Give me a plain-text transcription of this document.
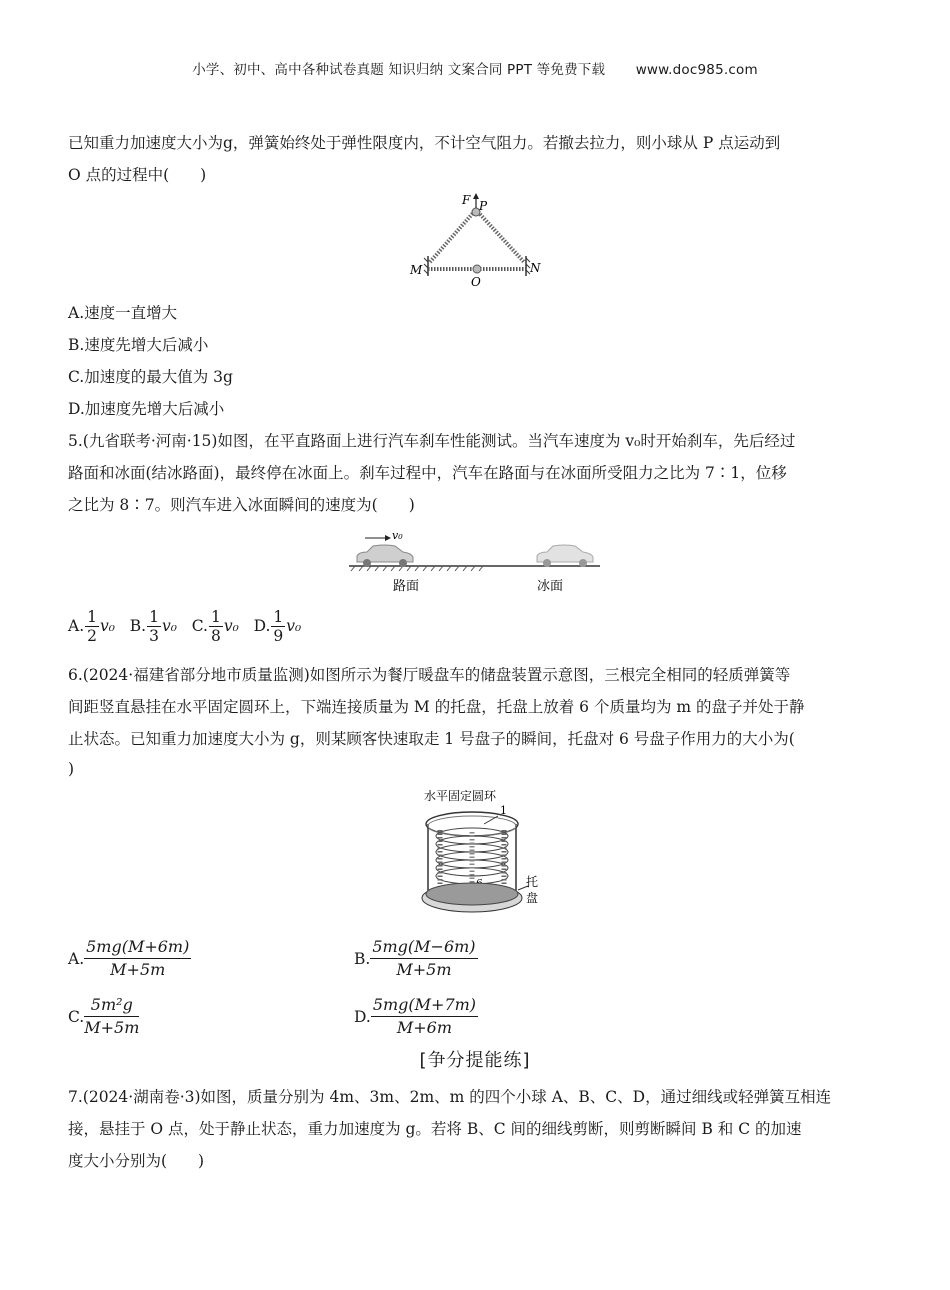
小学、初中、高中各种试卷真题 知识归纳 文案合同 PPT 等免费下载 www.doc985.com
已知重力加速度大小为g，弹簧始终处于弹性限度内，不计空气阻力。若撤去拉力，则小球从 P 点运动到
O 点的过程中(　　)
F P
M	N
O
A.速度一直增大
B.速度先增大后减小
C.加速度的最大值为 3g
D.加速度先增大后减小
5.(九省联考·河南·15)如图，在平直路面上进行汽车刹车性能测试。当汽车速度为 v₀时开始刹车，先后经过
路面和冰面(结冰路面)，最终停在冰面上。刹车过程中，汽车在路面与在冰面所受阻力之比为 7∶1，位移
之比为 8∶7。则汽车进入冰面瞬间的速度为(　　)
v₀
路面	冰面
A. $\frac{1}{2} v_0$ B. $\frac{1}{3} v_0$ C. $\frac{1}{8} v_0$ D. $\frac{1}{9} v_0$
6.(2024·福建省部分地市质量监测)如图所示为餐厅暖盘车的储盘装置示意图，三根完全相同的轻质弹簧等
间距竖直悬挂在水平固定圆环上，下端连接质量为 M 的托盘，托盘上放着 6 个质量均为 m 的盘子并处于静
止状态。已知重力加速度大小为 g，则某顾客快速取走 1 号盘子的瞬间，托盘对 6 号盘子作用力的大小为(
)
水平固定圆环
1
托
盘
A. $\frac{5mg(M+6m)}{M+5m}$	B. $\frac{5mg(M-6m)}{M+5m}$
C. $\frac{\text{5m²g}}{M+5m}$	D. $\frac{5mg(M+7m)}{M+6m}$
[争分提能练]
7.(2024·湖南卷·3)如图，质量分别为 4m、3m、2m、m 的四个小球 A、B、C、D，通过细线或轻弹簧互相连
接，悬挂于 O 点，处于静止状态，重力加速度为 g。若将 B、C 间的细线剪断，则剪断瞬间 B 和 C 的加速
度大小分别为(　　)
